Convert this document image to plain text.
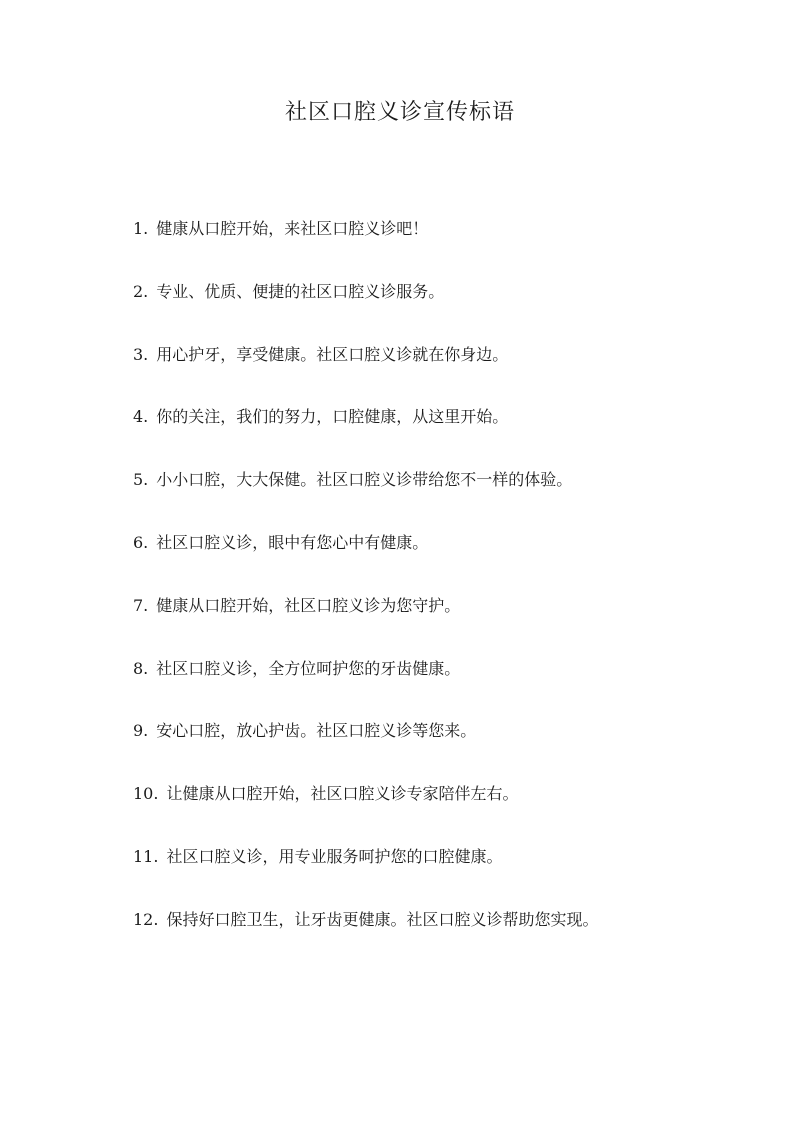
社区口腔义诊宣传标语
1. 健康从口腔开始，来社区口腔义诊吧！
2. 专业、优质、便捷的社区口腔义诊服务。
3. 用心护牙，享受健康。社区口腔义诊就在你身边。
4. 你的关注，我们的努力，口腔健康，从这里开始。
5. 小小口腔，大大保健。社区口腔义诊带给您不一样的体验。
6. 社区口腔义诊，眼中有您心中有健康。
7. 健康从口腔开始，社区口腔义诊为您守护。
8. 社区口腔义诊，全方位呵护您的牙齿健康。
9. 安心口腔，放心护齿。社区口腔义诊等您来。
10. 让健康从口腔开始，社区口腔义诊专家陪伴左右。
11. 社区口腔义诊，用专业服务呵护您的口腔健康。
12. 保持好口腔卫生，让牙齿更健康。社区口腔义诊帮助您实现。
